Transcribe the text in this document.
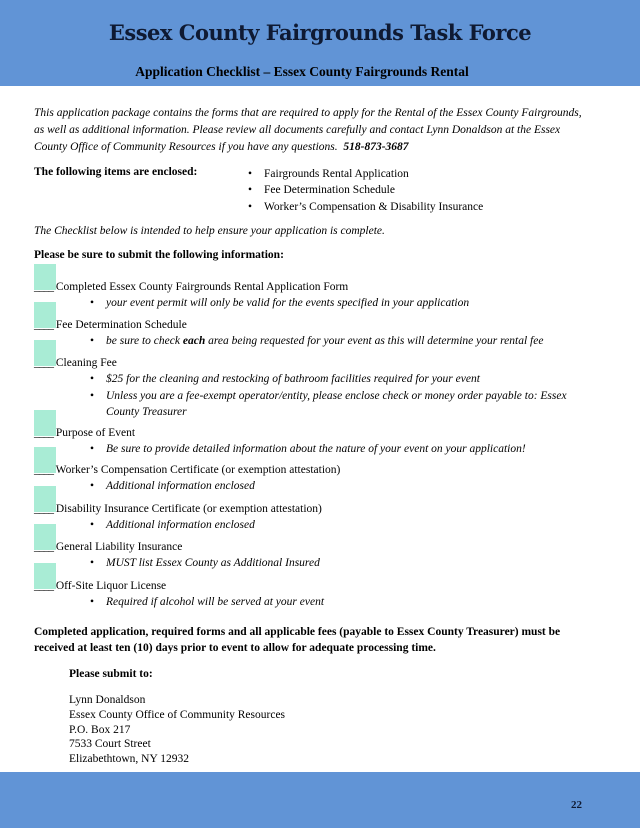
Essex County Fairgrounds Task Force
Application Checklist – Essex County Fairgrounds Rental
This application package contains the forms that are required to apply for the Rental of the Essex County Fairgrounds, as well as additional information. Please review all documents carefully and contact Lynn Donaldson at the Essex County Office of Community Resources if you have any questions. 518-873-3687
The following items are enclosed:
•	Fairgrounds Rental Application
• Fee Determination Schedule
• Worker’s Compensation & Disability Insurance
The Checklist below is intended to help ensure your application is complete.
Please be sure to submit the following information:
____ Completed Essex County Fairgrounds Rental Application Form
• your event permit will only be valid for the events specified in your application
____ Fee Determination Schedule
• be sure to check each area being requested for your event as this will determine your rental fee
____ Cleaning Fee
• $25 for the cleaning and restocking of bathroom facilities required for your event
• Unless you are a fee-exempt operator/entity, please enclose check or money order payable to: Essex County Treasurer
____ Purpose of Event
• Be sure to provide detailed information about the nature of your event on your application!
____ Worker’s Compensation Certificate (or exemption attestation)
• Additional information enclosed
____ Disability Insurance Certificate (or exemption attestation)
• Additional information enclosed
____ General Liability Insurance
• MUST list Essex County as Additional Insured
____ Off-Site Liquor License
• Required if alcohol will be served at your event
Completed application, required forms and all applicable fees (payable to Essex County Treasurer) must be received at least ten (10) days prior to event to allow for adequate processing time.
Please submit to:
Lynn Donaldson
Essex County Office of Community Resources
P.O. Box 217
7533 Court Street
Elizabethtown, NY 12932
22
